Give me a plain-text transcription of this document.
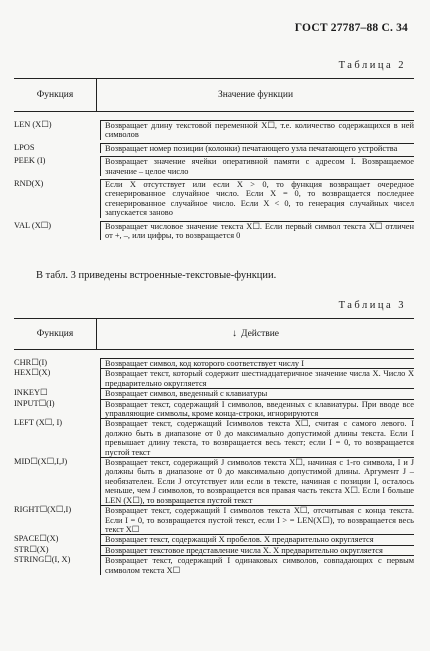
ГОСТ 27787–88 С. 34
Таблица 2
Функция	Значение функции
LEN (X☐)	Возвращает длину текстовой переменной X☐, т.е. количество содержащихся в ней символов
LPOS	Возвращает номер позиции (колонки) печатающего узла печатающего устройства
PEEK (I)	Возвращает значение ячейки оперативной памяти с адресом I. Возвращаемое значение – целое число
RND(X)	Если X отсутствует или если X > 0, то функция возвращает очередное сгенерированное случайное число. Если X = 0, то возвращается последнее сгенерированное случайное число. Если X < 0, то генерация случайных чисел запускается заново
VAL (X☐)	Возвращает числовое значение текста X☐. Если первый символ текста X☐ отличен от +, –, или цифры, то возвращается 0
В табл. 3 приведены встроенные-текстовые-функции.
Таблица 3
Функция	↓ Действие
CHR☐(I)	Возвращает символ, код которого соответствует числу I
HEX☐(X)	Возвращает текст, который содержит шестнадцатеричное значение числа X. Число X предварительно округляется
INKEY☐	Возвращает символ, введенный с клавиатуры
INPUT☐(I)	Возвращает текст, содержащий I символов, введенных с клавиатуры. При вводе все управляющие символы, кроме конца-строки, игнорируются
LEFT (X☐, I)	Возвращает текст, содержащий Iсимволов текста X☐, считая с самого левого. I должно быть в диапазоне от 0 до максимально допустимой длины текста. Если I превышает длину текста, то возвращается весь текст; если I = 0, то возвращается пустой текст
MID☐(X☐,I,J)	Возвращает текст, содержащий J символов текста X☐, начиная с 1-го символа, I и J должны быть в диапазоне от 0 до максимально допустимой длины. Аргумент J – необязателен. Если J отсутствует или если в тексте, начиная с позиции I, осталось меньше, чем J символов, то возвращается вся правая часть текста X☐. Если I больше LEN (X☐), то возвращается пустой текст
RIGHT☐(X☐,I)	Возвращает текст, содержащий I символов текста X☐, отсчитывая с конца текста. Если I = 0, то возвращается пустой текст, если I > = LEN(X☐), то возвращается весь текст X☐
SPACE☐(X)	Возвращает текст, содержащий X пробелов. X предварительно округляется
STR☐(X)	Возвращает текстовое представление числа X. X предварительно округляется
STRING☐(I, X)	Возвращает текст, содержащий I одинаковых символов, совпадающих с первым символом текста X☐
